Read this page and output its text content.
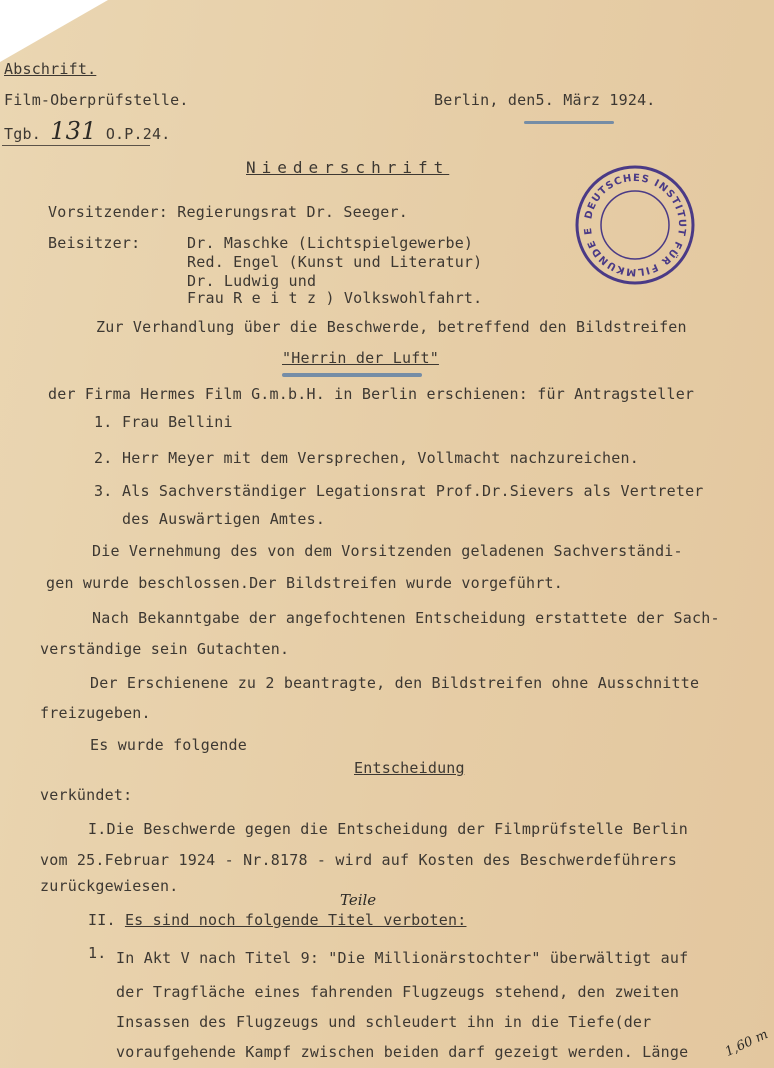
Abschrift.
Film-Oberprüfstelle.
Tgb. 131 O.P.24.
Berlin, den5. März 1924.
Niederschrift
DEUTSCHES INSTITUT FÜR FILMKUNDE E
Vorsitzender: Regierungsrat Dr. Seeger.
Beisitzer:	Dr. Maschke (Lichtspielgewerbe)
Red. Engel (Kunst und Literatur)
Dr. Ludwig und
Frau R e i t z ) Volkswohlfahrt.
Zur Verhandlung über die Beschwerde, betreffend den Bildstreifen
"Herrin der Luft"
der Firma Hermes Film G.m.b.H. in Berlin erschienen: für Antragsteller
1. Frau Bellini
2. Herr Meyer mit dem Versprechen, Vollmacht nachzureichen.
3. Als Sachverständiger Legationsrat Prof.Dr.Sievers als Vertreter
des Auswärtigen Amtes.
Die Vernehmung des von dem Vorsitzenden geladenen Sachverständi-
gen wurde beschlossen.Der Bildstreifen wurde vorgeführt.
Nach Bekanntgabe der angefochtenen Entscheidung erstattete der Sach-
verständige sein Gutachten.
Der Erschienene zu 2 beantragte, den Bildstreifen ohne Ausschnitte
freizugeben.
Es wurde folgende
Entscheidung
verkündet:
I.Die Beschwerde gegen die Entscheidung der Filmprüfstelle Berlin
vom 25.Februar 1924 - Nr.8178 - wird auf Kosten des Beschwerdeführers
zurückgewiesen.
Teile
II. Es sind noch folgende Titel verboten:
1. In Akt V nach Titel 9: "Die Millionärstochter" überwältigt auf
der Tragfläche eines fahrenden Flugzeugs stehend, den zweiten
Insassen des Flugzeugs und schleudert ihn in die Tiefe(der
voraufgehende Kampf zwischen beiden darf gezeigt werden. Länge	1,60 m
